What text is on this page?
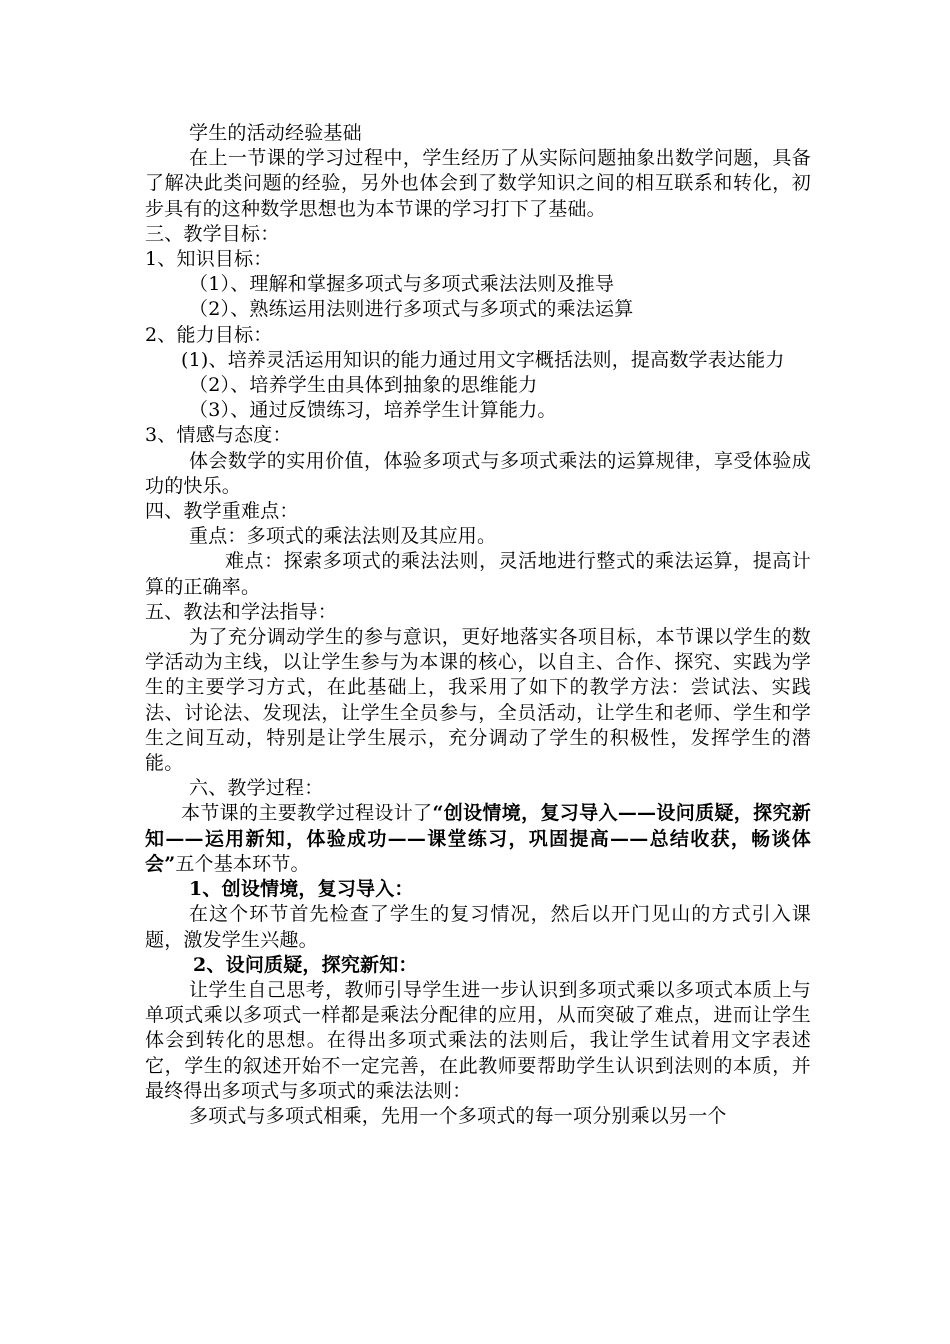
学生的活动经验基础

在上一节课的学习过程中，学生经历了从实际问题抽象出数学问题，具备了解决此类问题的经验，另外也体会到了数学知识之间的相互联系和转化，初步具有的这种数学思想也为本节课的学习打下了基础。

三、教学目标：

1、知识目标：

（1）、理解和掌握多项式与多项式乘法法则及推导

（2）、熟练运用法则进行多项式与多项式的乘法运算

2、能力目标：

(1)、培养灵活运用知识的能力通过用文字概括法则，提高数学表达能力

（2）、培养学生由具体到抽象的思维能力

（3）、通过反馈练习，培养学生计算能力。

3、情感与态度：

体会数学的实用价值，体验多项式与多项式乘法的运算规律，享受体验成功的快乐。

四、教学重难点：

重点：多项式的乘法法则及其应用。

难点：探索多项式的乘法法则，灵活地进行整式的乘法运算，提高计算的正确率。

五、教法和学法指导：

为了充分调动学生的参与意识，更好地落实各项目标，本节课以学生的数学活动为主线，以让学生参与为本课的核心，以自主、合作、探究、实践为学生的主要学习方式，在此基础上，我采用了如下的教学方法：尝试法、实践法、讨论法、发现法，让学生全员参与，全员活动，让学生和老师、学生和学生之间互动，特别是让学生展示，充分调动了学生的积极性，发挥学生的潜能。

六、教学过程：

本节课的主要教学过程设计了“创设情境，复习导入——设问质疑，探究新知——运用新知，体验成功——课堂练习，巩固提高——总结收获，畅谈体会”五个基本环节。

1、创设情境，复习导入：

在这个环节首先检查了学生的复习情况，然后以开门见山的方式引入课题，激发学生兴趣。

2、设问质疑，探究新知：

让学生自己思考，教师引导学生进一步认识到多项式乘以多项式本质上与单项式乘以多项式一样都是乘法分配律的应用，从而突破了难点，进而让学生体会到转化的思想。在得出多项式乘法的法则后，我让学生试着用文字表述它，学生的叙述开始不一定完善，在此教师要帮助学生认识到法则的本质，并最终得出多项式与多项式的乘法法则：

多项式与多项式相乘，先用一个多项式的每一项分别乘以另一个
